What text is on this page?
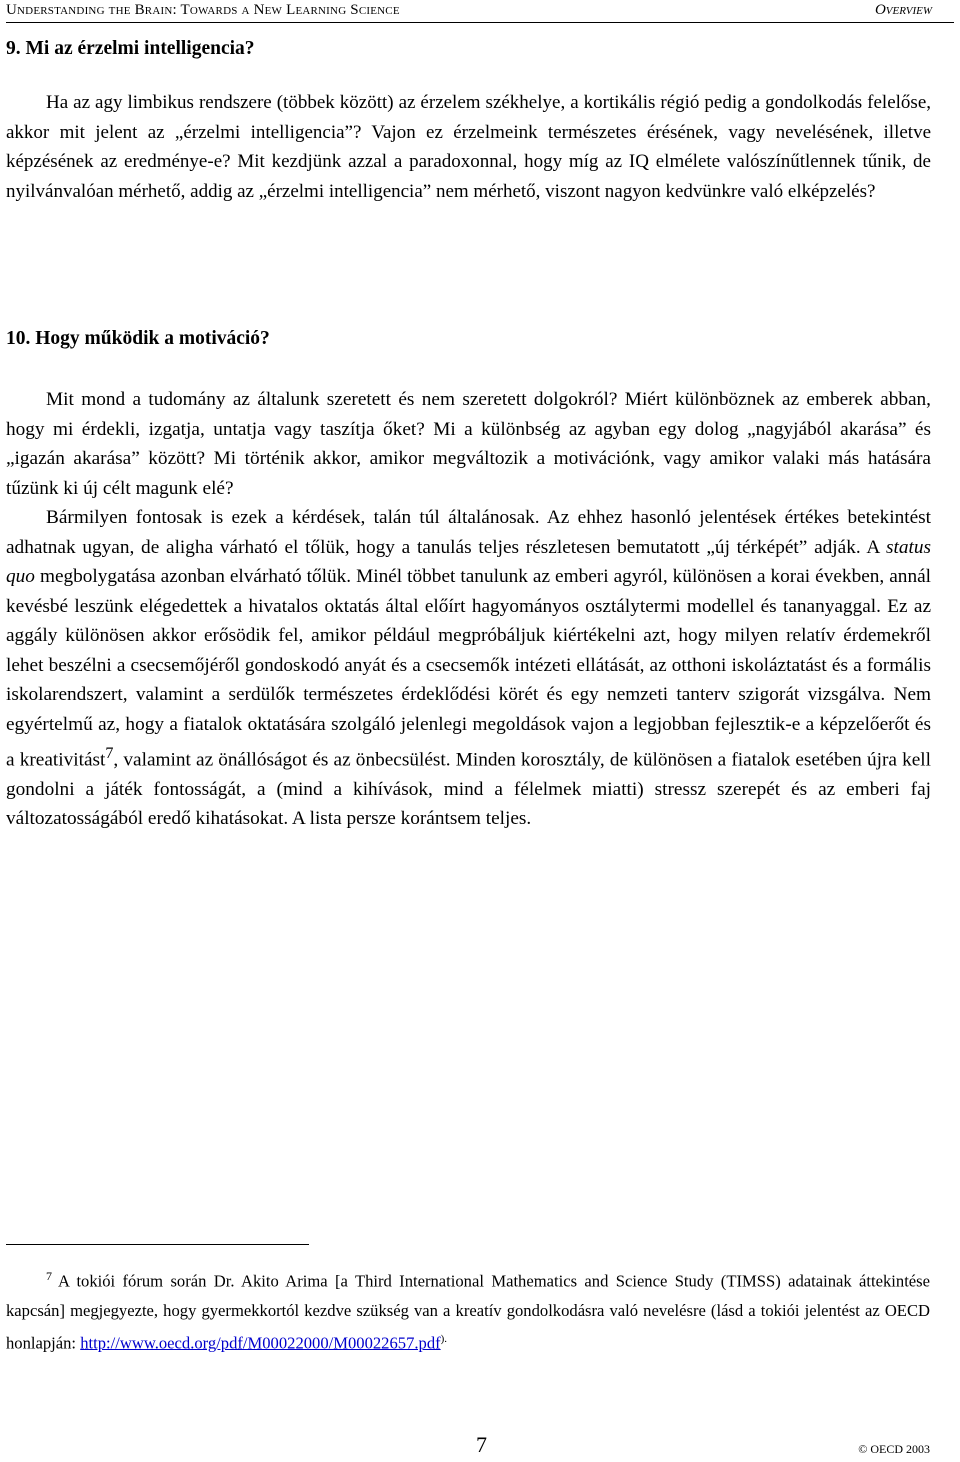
Understanding the Brain: Towards a New Learning Science	Overview
9. Mi az érzelmi intelligencia?

Ha az agy limbikus rendszere (többek között) az érzelem székhelye, a kortikális régió pedig a gondolkodás felelőse, akkor mit jelent az „érzelmi intelligencia”? Vajon ez érzelmeink természetes érésének, vagy nevelésének, illetve képzésének az eredménye-e? Mit kezdjünk azzal a paradoxonnal, hogy míg az IQ elmélete valószínűtlennek tűnik, de nyilvánvalóan mérhető, addig az „érzelmi intelligencia” nem mérhető, viszont nagyon kedvünkre való elképzelés?

10. Hogy működik a motiváció?

Mit mond a tudomány az általunk szeretett és nem szeretett dolgokról? Miért különböznek az emberek abban, hogy mi érdekli, izgatja, untatja vagy taszítja őket? Mi a különbség az agyban egy dolog „nagyjából akarása” és „igazán akarása” között? Mi történik akkor, amikor megváltozik a motivációnk, vagy amikor valaki más hatására tűzünk ki új célt magunk elé?

Bármilyen fontosak is ezek a kérdések, talán túl általánosak. Az ehhez hasonló jelentések értékes betekintést adhatnak ugyan, de aligha várható el tőlük, hogy a tanulás teljes részletesen bemutatott „új térképét” adják. A status quo megbolygatása azonban elvárható tőlük. Minél többet tanulunk az emberi agyról, különösen a korai években, annál kevésbé leszünk elégedettek a hivatalos oktatás által előírt hagyományos osztálytermi modellel és tananyaggal. Ez az aggály különösen akkor erősödik fel, amikor például megpróbáljuk kiértékelni azt, hogy milyen relatív érdemekről lehet beszélni a csecsemőjéről gondoskodó anyát és a csecsemők intézeti ellátását, az otthoni iskoláztatást és a formális iskolarendszert, valamint a serdülők természetes érdeklődési körét és egy nemzeti tanterv szigorát vizsgálva. Nem egyértelmű az, hogy a fiatalok oktatására szolgáló jelenlegi megoldások vajon a legjobban fejlesztik-e a képzelőerőt és a kreativitást$^7$, valamint az önállóságot és az önbecsülést. Minden korosztály, de különösen a fiatalok esetében újra kell gondolni a játék fontosságát, a (mind a kihívások, mind a félelmek miatti) stressz szerepét és az emberi faj változatosságából eredő kihatásokat. A lista persze korántsem teljes.

$^7$ A tokiói fórum során Dr. Akito Arima [a Third International Mathematics and Science Study (TIMSS) adatainak áttekintése kapcsán] megjegyezte, hogy gyermekkortól kezdve szükség van a kreatív gondolkodásra való nevelésre (lásd a tokiói jelentést az OECD honlapján: http://www.oecd.org/pdf/M00022000/M00022657.pdf).
7	© OECD 2003
